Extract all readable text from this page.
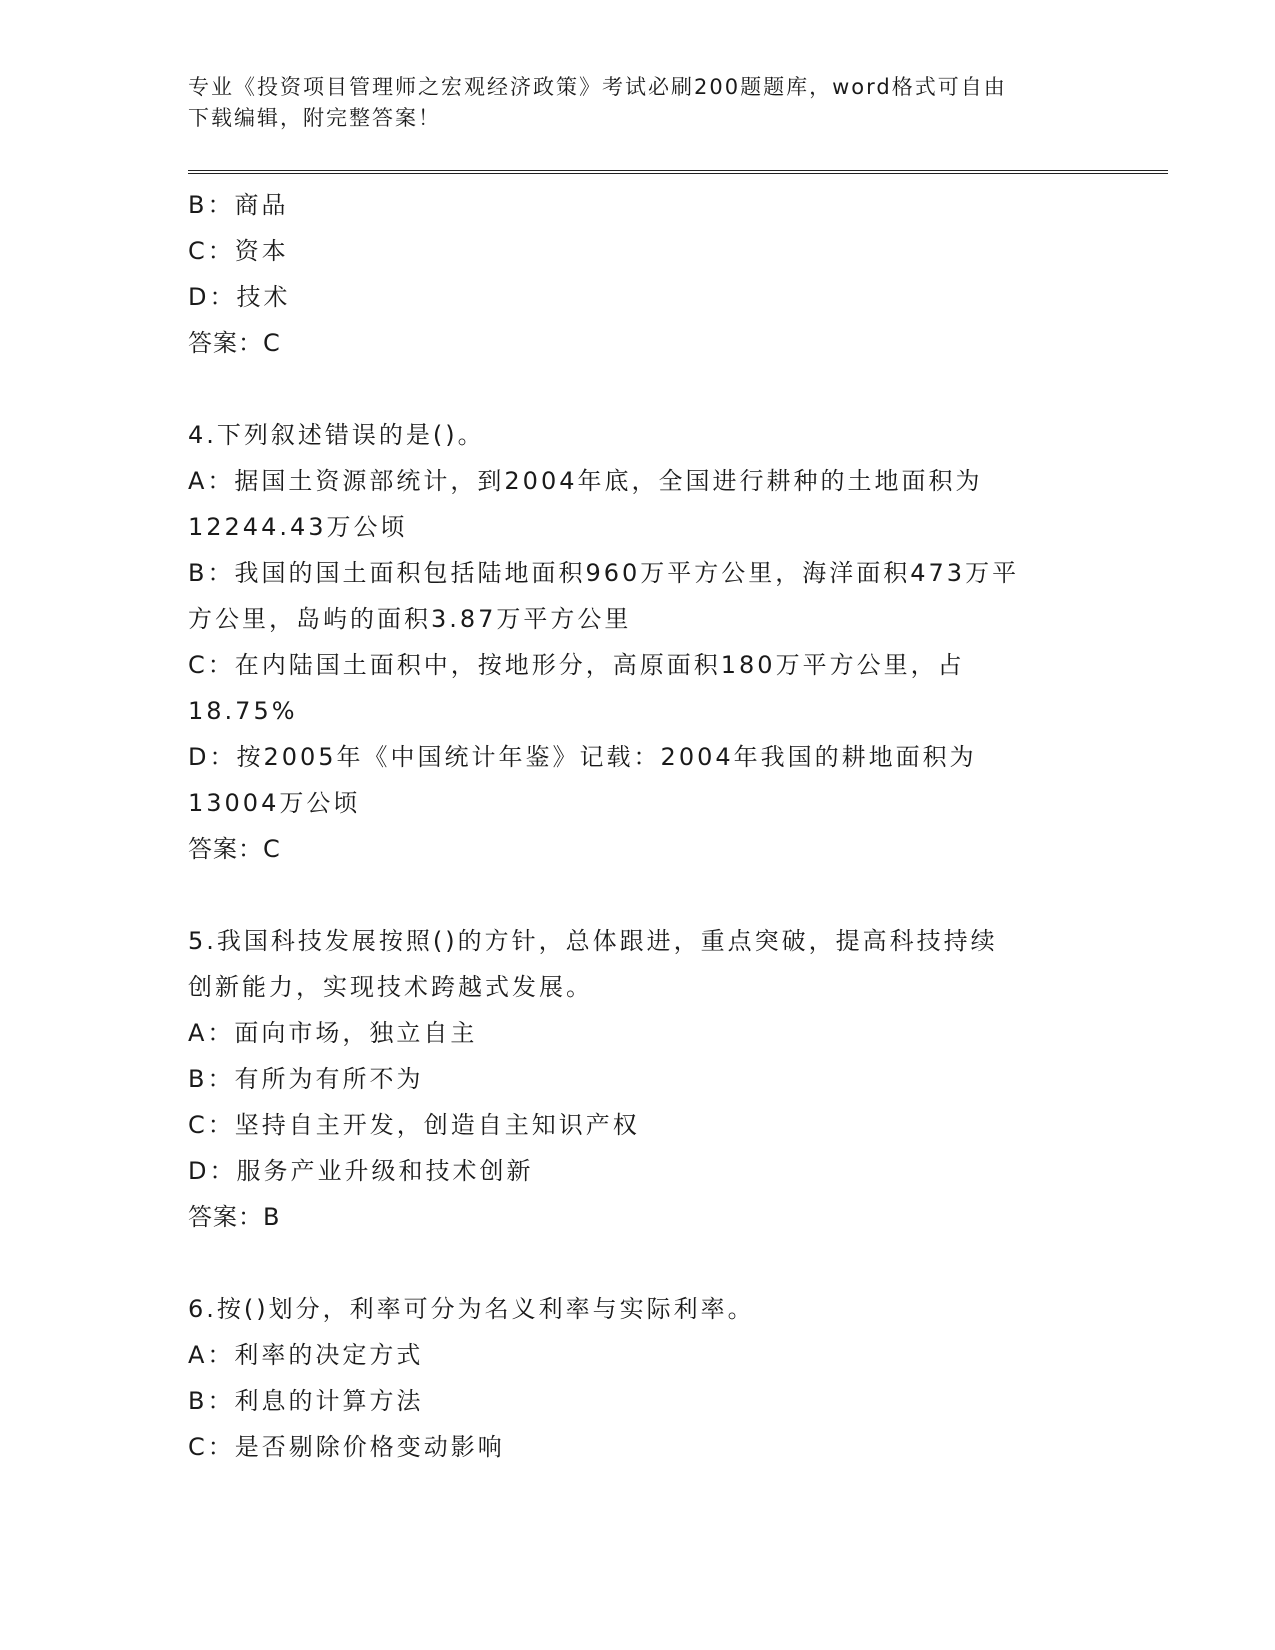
专业《投资项目管理师之宏观经济政策》考试必刷200题题库，word格式可自由

下载编辑，附完整答案！

B：商品

C：资本

D：技术

答案：C

4.下列叙述错误的是()。

A：据国土资源部统计，到2004年底，全国进行耕种的土地面积为

12244.43万公顷

B：我国的国土面积包括陆地面积960万平方公里，海洋面积473万平

方公里，岛屿的面积3.87万平方公里

C：在内陆国土面积中，按地形分，高原面积180万平方公里，占

18.75%

D：按2005年《中国统计年鉴》记载：2004年我国的耕地面积为

13004万公顷

答案：C

5.我国科技发展按照()的方针，总体跟进，重点突破，提高科技持续

创新能力，实现技术跨越式发展。

A：面向市场，独立自主

B：有所为有所不为

C：坚持自主开发，创造自主知识产权

D：服务产业升级和技术创新

答案：B

6.按()划分，利率可分为名义利率与实际利率。

A：利率的决定方式

B：利息的计算方法

C：是否剔除价格变动影响
